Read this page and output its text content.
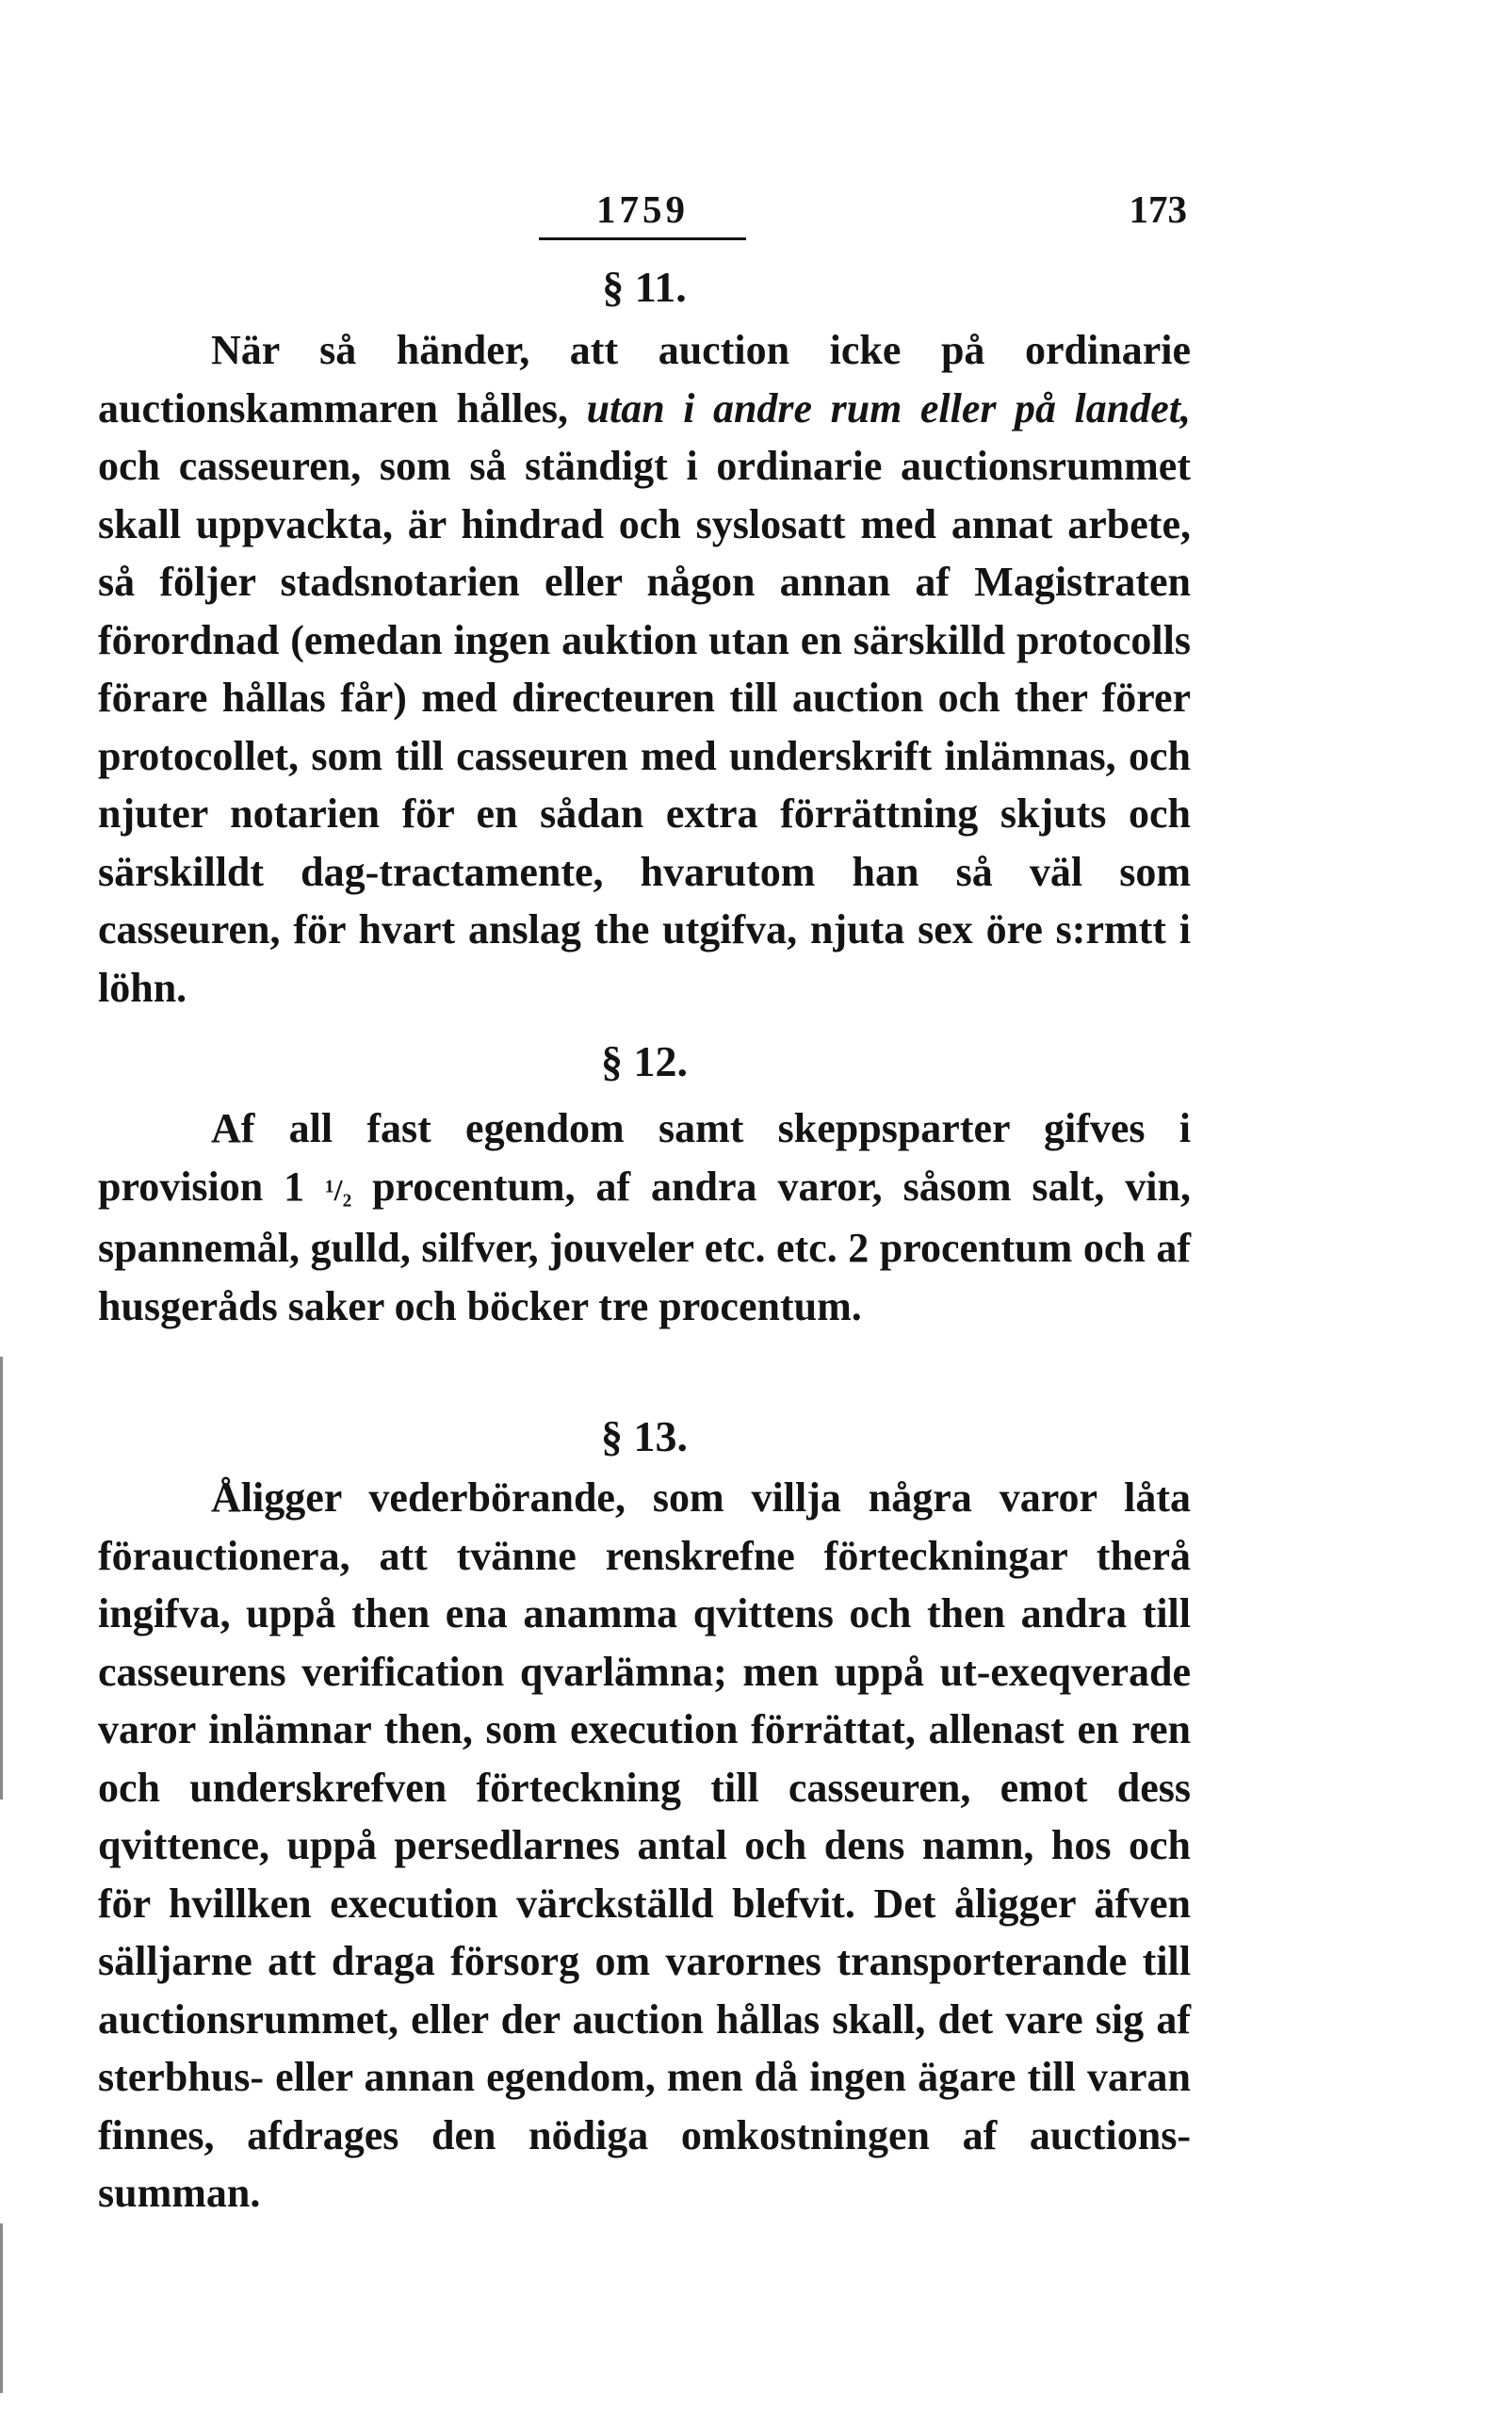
1759	173
§ 11.

När så händer, att auction icke på ordinarie auctionskammaren hålles, utan i andre rum eller på landet, och casseuren, som så ständigt i ordinarie auctionsrummet skall uppvackta, är hindrad och syslosatt med annat arbete, så följer stadsnotarien eller någon annan af Magistraten förordnad (emedan ingen auktion utan en särskilld protocolls förare hållas får) med directeuren till auction och ther förer protocollet, som till casseuren med underskrift inlämnas, och njuter notarien för en sådan extra förrättning skjuts och särskilldt dag-tractamente, hvarutom han så väl som casseuren, för hvart anslag the utgifva, njuta sex öre s:rmtt i löhn.

§ 12.

Af all fast egendom samt skeppsparter gifves i provision 1 ¹/₂ procentum, af andra varor, såsom salt, vin, spannemål, gulld, silfver, jouveler etc. etc. 2 procentum och af husgeråds saker och böcker tre procentum.

§ 13.

Åligger vederbörande, som villja några varor låta förauctionera, att tvänne renskrefne förteckningar therå ingifva, uppå then ena anamma qvittens och then andra till casseurens verification qvarlämna; men uppå ut-exeqverade varor inlämnar then, som execution förrättat, allenast en ren och underskrefven förteckning till casseuren, emot dess qvittence, uppå persedlarnes antal och dens namn, hos och för hvillken execution värckställd blefvit. Det åligger äfven sälljarne att draga försorg om varornes transporterande till auctionsrummet, eller der auction hållas skall, det vare sig af sterbhus- eller annan egendom, men då ingen ägare till varan finnes, afdrages den nödiga omkostningen af auctions-summan.
